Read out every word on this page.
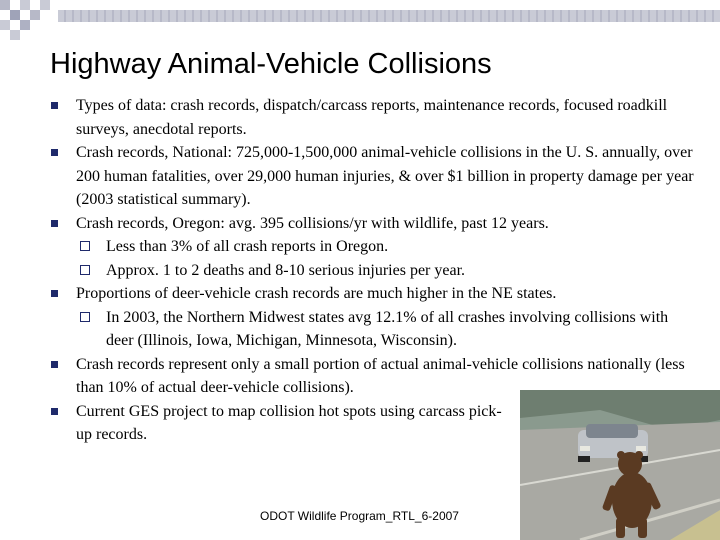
Highway Animal-Vehicle Collisions
Types of data: crash records, dispatch/carcass reports, maintenance records, focused roadkill surveys, anecdotal reports.
Crash records, National: 725,000-1,500,000 animal-vehicle collisions in the U. S. annually, over 200 human fatalities, over 29,000 human injuries, & over $1 billion in property damage per year (2003 statistical summary).
Crash records, Oregon: avg. 395 collisions/yr with wildlife, past 12 years.
Less than 3% of all crash reports in Oregon.
Approx. 1 to 2 deaths and 8-10 serious injuries per year.
Proportions of deer-vehicle crash records are much higher in the NE states.
In 2003, the Northern Midwest states avg 12.1% of all crashes involving collisions with deer (Illinois, Iowa, Michigan, Minnesota, Wisconsin).
Crash records represent only a small portion of actual animal-vehicle collisions nationally (less than 10% of actual deer-vehicle collisions).
Current GES project to map collision hot spots using carcass pick-up records.
ODOT Wildlife Program_RTL_6-2007
